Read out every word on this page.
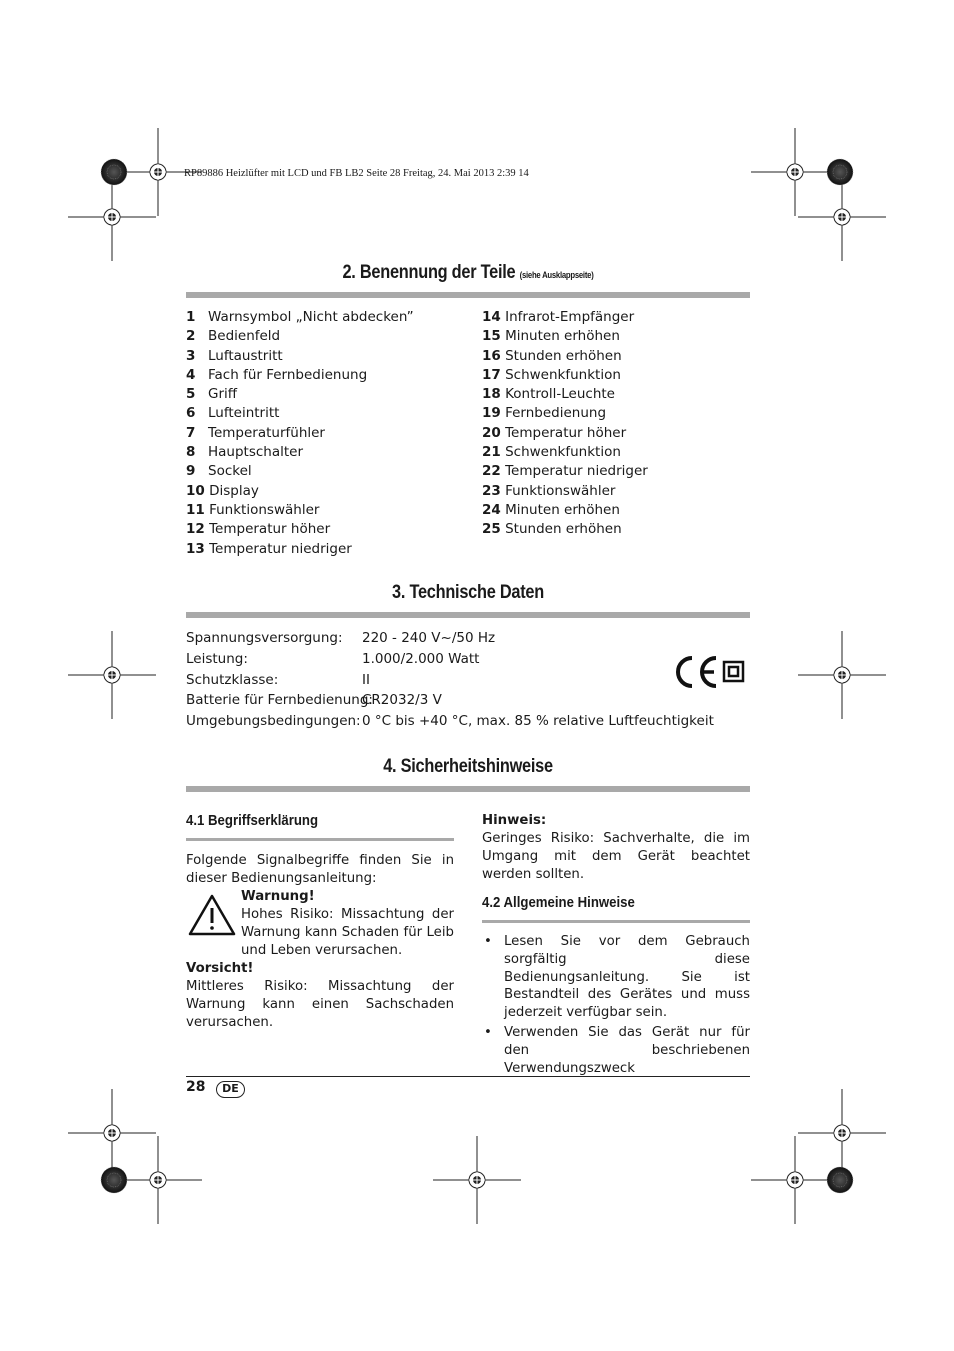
RP89886 Heizlüfter mit LCD und FB LB2 Seite 28 Freitag, 24. Mai 2013 2:39 14
2. Benennung der Teile (siehe Ausklappseite)
1 Warnsymbol „Nicht abdecken”
2 Bedienfeld
3 Luftaustritt
4 Fach für Fernbedienung
5 Griff
6 Lufteintritt
7 Temperaturfühler
8 Hauptschalter
9 Sockel
10 Display
11 Funktionswähler
12 Temperatur höher
13 Temperatur niedriger
14 Infrarot-Empfänger
15 Minuten erhöhen
16 Stunden erhöhen
17 Schwenkfunktion
18 Kontroll-Leuchte
19 Fernbedienung
20 Temperatur höher
21 Schwenkfunktion
22 Temperatur niedriger
23 Funktionswähler
24 Minuten erhöhen
25 Stunden erhöhen
3. Technische Daten
Spannungsversorgung: 220 - 240 V~/50 Hz
Leistung:	1.000/2.000 Watt
Schutzklasse:	II
Batterie für Fernbedienung:CR2032/3 V
Umgebungsbedingungen:0 °C bis +40 °C, max. 85 % relative Luftfeuchtigkeit
4. Sicherheitshinweise
4.1 Begriffserklärung
Folgende Signalbegriffe finden Sie in dieser Bedienungsanleitung:
Warnung!
Hohes Risiko: Missachtung der Warnung kann Schaden für Leib und Leben verursachen.
Vorsicht!
Mittleres Risiko: Missachtung der Warnung kann einen Sachschaden verursachen.
Hinweis:
Geringes Risiko: Sachverhalte, die im Umgang mit dem Gerät beachtet werden sollten.
4.2 Allgemeine Hinweise
• Lesen Sie vor dem Gebrauch sorgfältig diese Bedienungsanleitung. Sie ist Bestandteil des Gerätes und muss jederzeit verfügbar sein.
• Verwenden Sie das Gerät nur für den beschriebenen Verwendungszweck
28	DE
